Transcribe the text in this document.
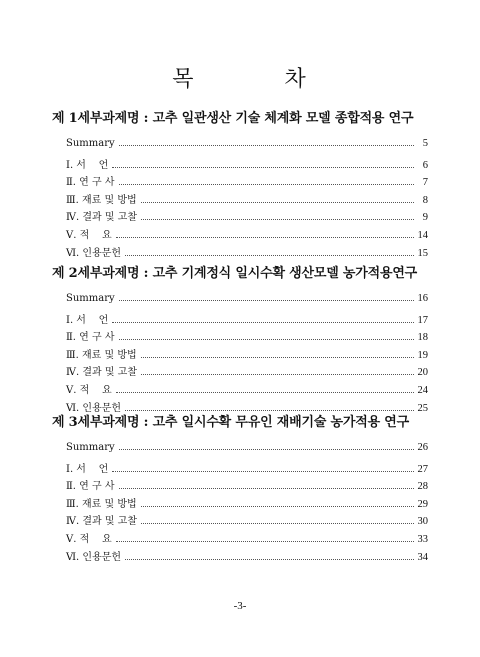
목 차
제 1세부과제명 : 고추 일관생산 기술 체계화 모델 종합적용 연구
Summary	5
Ⅰ. 서    언	6
Ⅱ. 연 구 사	7
Ⅲ. 재료 및 방법	8
Ⅳ. 결과 및 고찰	9
Ⅴ. 적    요	14
Ⅵ. 인용문헌	15
제 2세부과제명 : 고추 기계정식 일시수확 생산모델 농가적용연구
Summary	16
Ⅰ. 서    언	17
Ⅱ. 연 구 사	18
Ⅲ. 재료 및 방법	19
Ⅳ. 결과 및 고찰	20
Ⅴ. 적    요	24
Ⅵ. 인용문헌	25
제 3세부과제명 : 고추 일시수확 무유인 재배기술 농가적용 연구
Summary	26
Ⅰ. 서    언	27
Ⅱ. 연 구 사	28
Ⅲ. 재료 및 방법	29
Ⅳ. 결과 및 고찰	30
Ⅴ. 적    요	33
Ⅵ. 인용문헌	34
-3-
